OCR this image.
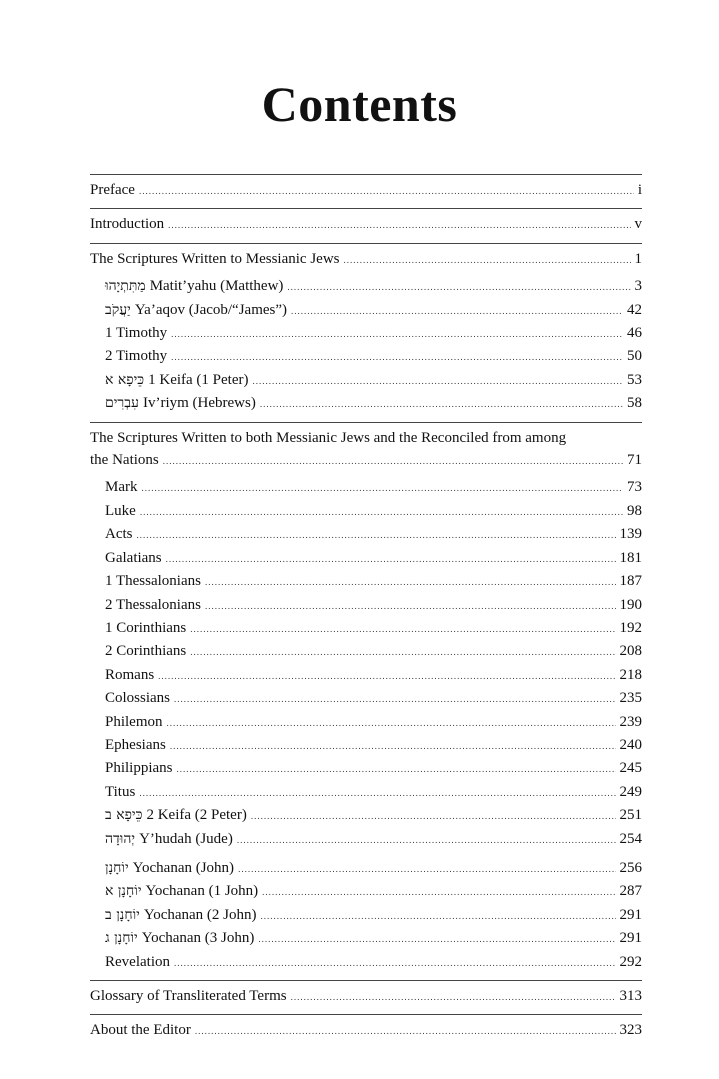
Contents
Preface .....	i
Introduction .....	v
The Scriptures Written to Messianic Jews .....	1
מַתִּתְיָהוּ Matit’yahu (Matthew) .....	3
יַעֲקֹב Ya’aqov (Jacob/“James”) .....	42
1 Timothy .....	46
2 Timothy .....	50
כֵּיפָא א 1 Keifa (1 Peter) .....	53
עִבְרִים Iv’riym (Hebrews) .....	58
The Scriptures Written to both Messianic Jews and the Reconciled from among
the Nations .....	71
Mark .....	73
Luke .....	98
Acts .....	139
Galatians .....	181
1 Thessalonians .....	187
2 Thessalonians .....	190
1 Corinthians .....	192
2 Corinthians .....	208
Romans .....	218
Colossians .....	235
Philemon .....	239
Ephesians .....	240
Philippians .....	245
Titus .....	249
כֵּיפָא ב 2 Keifa (2 Peter) .....	251
יְהוּדָה Y’hudah (Jude) .....	254
יוֹחָנָן Yochanan (John) .....	256
יוֹחָנָן א Yochanan (1 John) .....	287
יוֹחָנָן ב Yochanan (2 John) .....	291
יוֹחָנָן ג Yochanan (3 John) .....	291
Revelation .....	292
Glossary of Transliterated Terms .....	313
About the Editor .....	323
